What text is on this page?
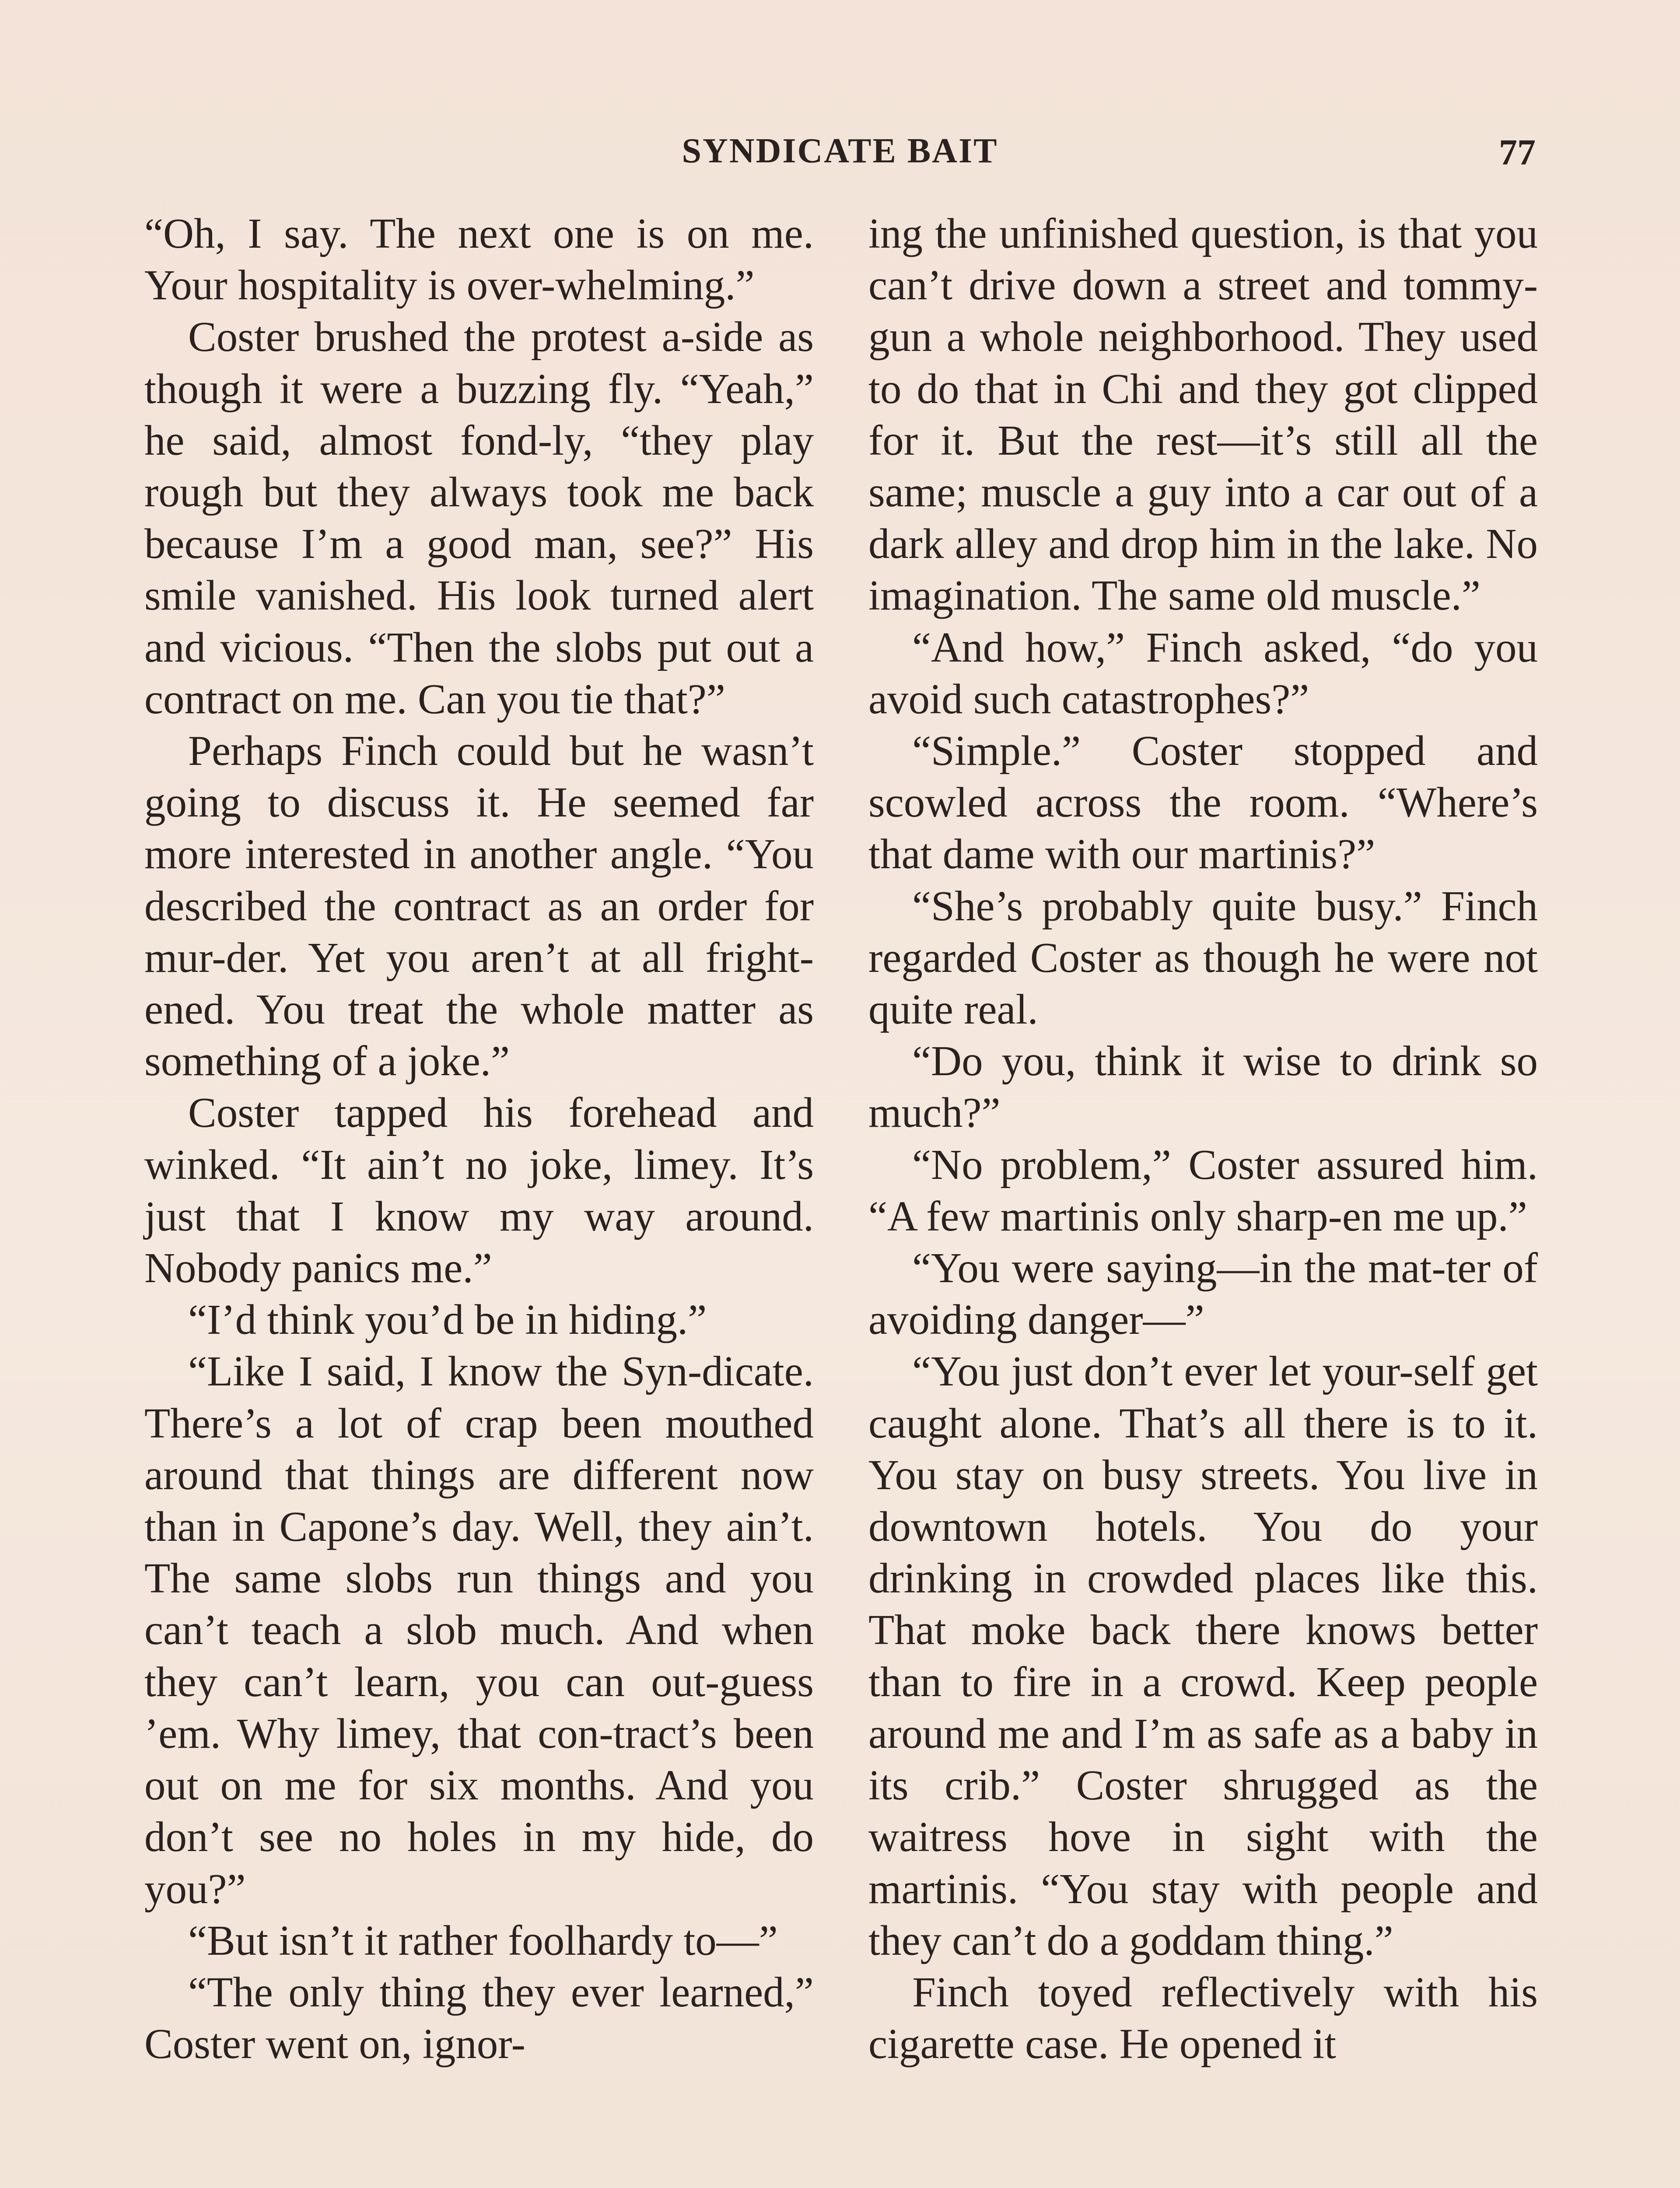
SYNDICATE BAIT	77

“Oh, I say. The next one is on me. Your hospitality is over-whelming.”

Coster brushed the protest a-side as though it were a buzzing fly. “Yeah,” he said, almost fond-ly, “they play rough but they always took me back because I’m a good man, see?” His smile vanished. His look turned alert and vicious. “Then the slobs put out a contract on me. Can you tie that?”

Perhaps Finch could but he wasn’t going to discuss it. He seemed far more interested in another angle. “You described the contract as an order for mur-der. Yet you aren’t at all fright-ened. You treat the whole matter as something of a joke.”

Coster tapped his forehead and winked. “It ain’t no joke, limey. It’s just that I know my way around. Nobody panics me.”

“I’d think you’d be in hiding.”

“Like I said, I know the Syn-dicate. There’s a lot of crap been mouthed around that things are different now than in Capone’s day. Well, they ain’t. The same slobs run things and you can’t teach a slob much. And when they can’t learn, you can out-guess ’em. Why limey, that con-tract’s been out on me for six months. And you don’t see no holes in my hide, do you?”

“But isn’t it rather foolhardy to—”

“The only thing they ever learned,” Coster went on, ignor-

ing the unfinished question, is that you can’t drive down a street and tommy-gun a whole neighborhood. They used to do that in Chi and they got clipped for it. But the rest—it’s still all the same; muscle a guy into a car out of a dark alley and drop him in the lake. No imagination. The same old muscle.”

“And how,” Finch asked, “do you avoid such catastrophes?”

“Simple.” Coster stopped and scowled across the room. “Where’s that dame with our martinis?”

“She’s probably quite busy.” Finch regarded Coster as though he were not quite real.

“Do you, think it wise to drink so much?”

“No problem,” Coster assured him. “A few martinis only sharp-en me up.”

“You were saying—in the mat-ter of avoiding danger—”

“You just don’t ever let your-self get caught alone. That’s all there is to it. You stay on busy streets. You live in downtown hotels. You do your drinking in crowded places like this. That moke back there knows better than to fire in a crowd. Keep people around me and I’m as safe as a baby in its crib.” Coster shrugged as the waitress hove in sight with the martinis. “You stay with people and they can’t do a goddam thing.”

Finch toyed reflectively with his cigarette case. He opened it
